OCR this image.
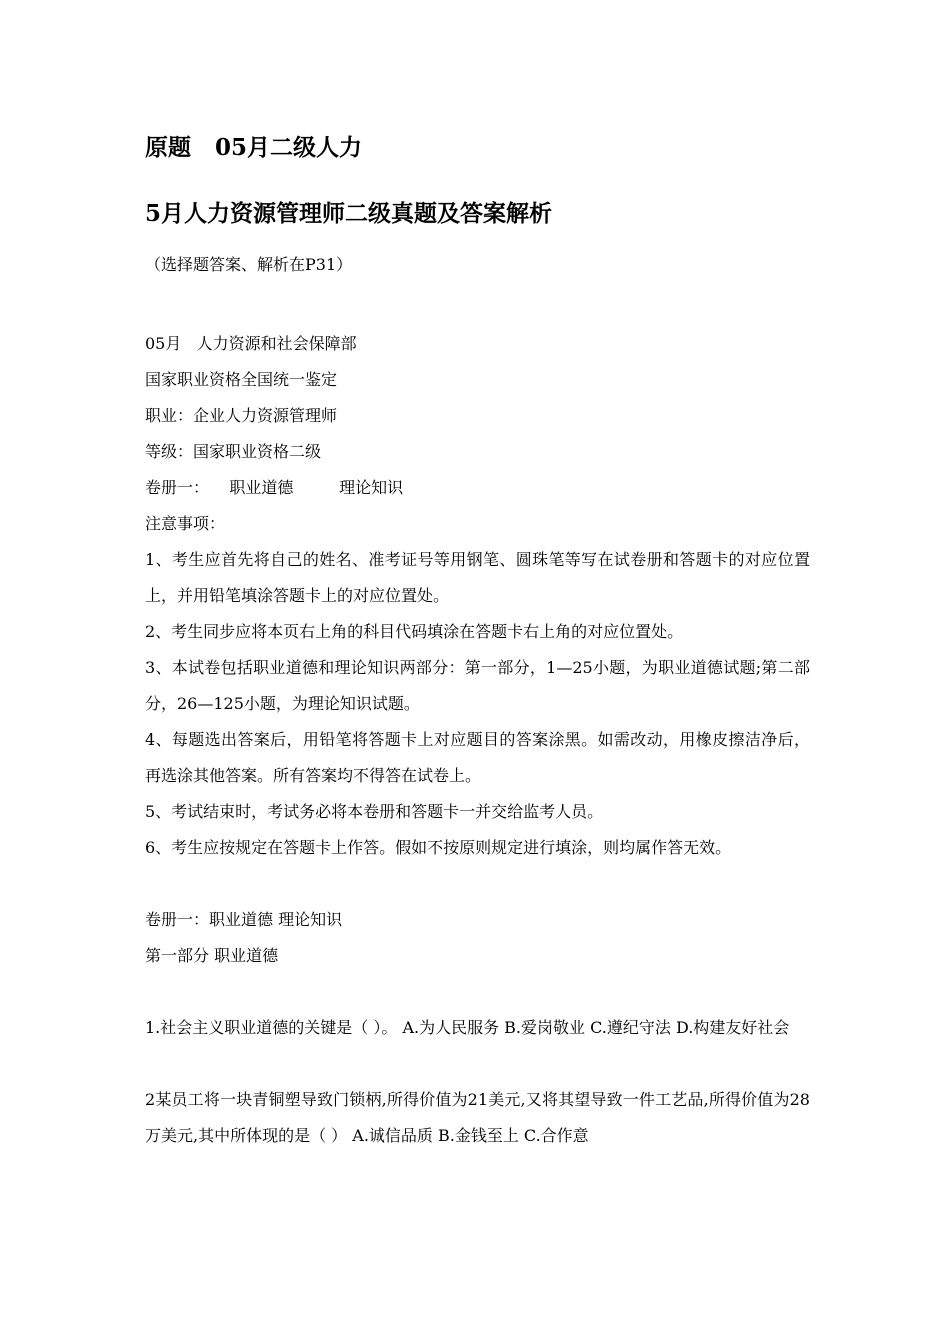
原题   05月二级人力
5月人力资源管理师二级真题及答案解析
（选择题答案、解析在P31）
05月   人力资源和社会保障部
国家职业资格全国统一鉴定
职业：企业人力资源管理师
等级：国家职业资格二级
卷册一：    职业道德         理论知识
注意事项：
1、考生应首先将自己的姓名、准考证号等用钢笔、圆珠笔等写在试卷册和答题卡的对应位置上，并用铅笔填涂答题卡上的对应位置处。
2、考生同步应将本页右上角的科目代码填涂在答题卡右上角的对应位置处。
3、本试卷包括职业道德和理论知识两部分：第一部分，1—25小题，为职业道德试题;第二部分，26—125小题，为理论知识试题。
4、每题选出答案后，用铅笔将答题卡上对应题目的答案涂黑。如需改动，用橡皮擦洁净后，再选涂其他答案。所有答案均不得答在试卷上。
5、考试结束时，考试务必将本卷册和答题卡一并交给监考人员。
6、考生应按规定在答题卡上作答。假如不按原则规定进行填涂，则均属作答无效。
卷册一：职业道德 理论知识
第一部分 职业道德
1.社会主义职业道德的关键是（ ）。 A.为人民服务 B.爱岗敬业 C.遵纪守法 D.构建友好社会
2某员工将一块青铜塑导致门锁柄,所得价值为21美元,又将其望导致一件工艺品,所得价值为28万美元,其中所体现的是（ ） A.诚信品质 B.金钱至上 C.合作意
